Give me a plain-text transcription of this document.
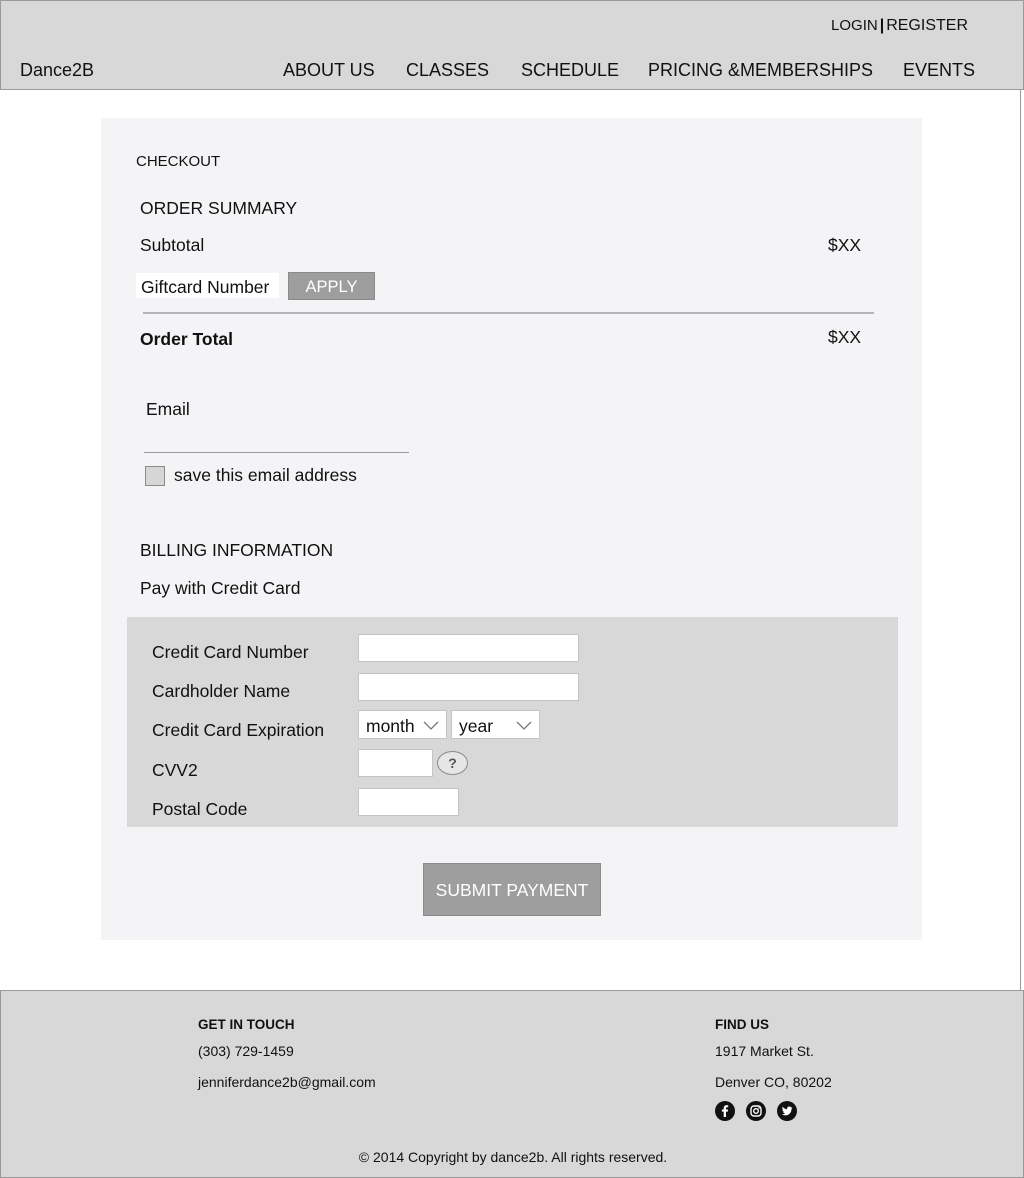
LOGIN | REGISTER
Dance2B	ABOUT US CLASSES SCHEDULE PRICING &MEMBERSHIPS EVENTS
CHECKOUT
ORDER SUMMARY
Subtotal	$XX
Giftcard Number	APPLY
Order Total	$XX
Email
save this email address
BILLING INFORMATION
Pay with Credit Card
Credit Card Number
Cardholder Name
Credit Card Expiration	month	year
CVV2	?
Postal Code
SUBMIT PAYMENT
GET IN TOUCH
(303) 729-1459
jenniferdance2b@gmail.com
FIND US
1917 Market St.
Denver CO, 80202
© 2014 Copyright by dance2b. All rights reserved.
